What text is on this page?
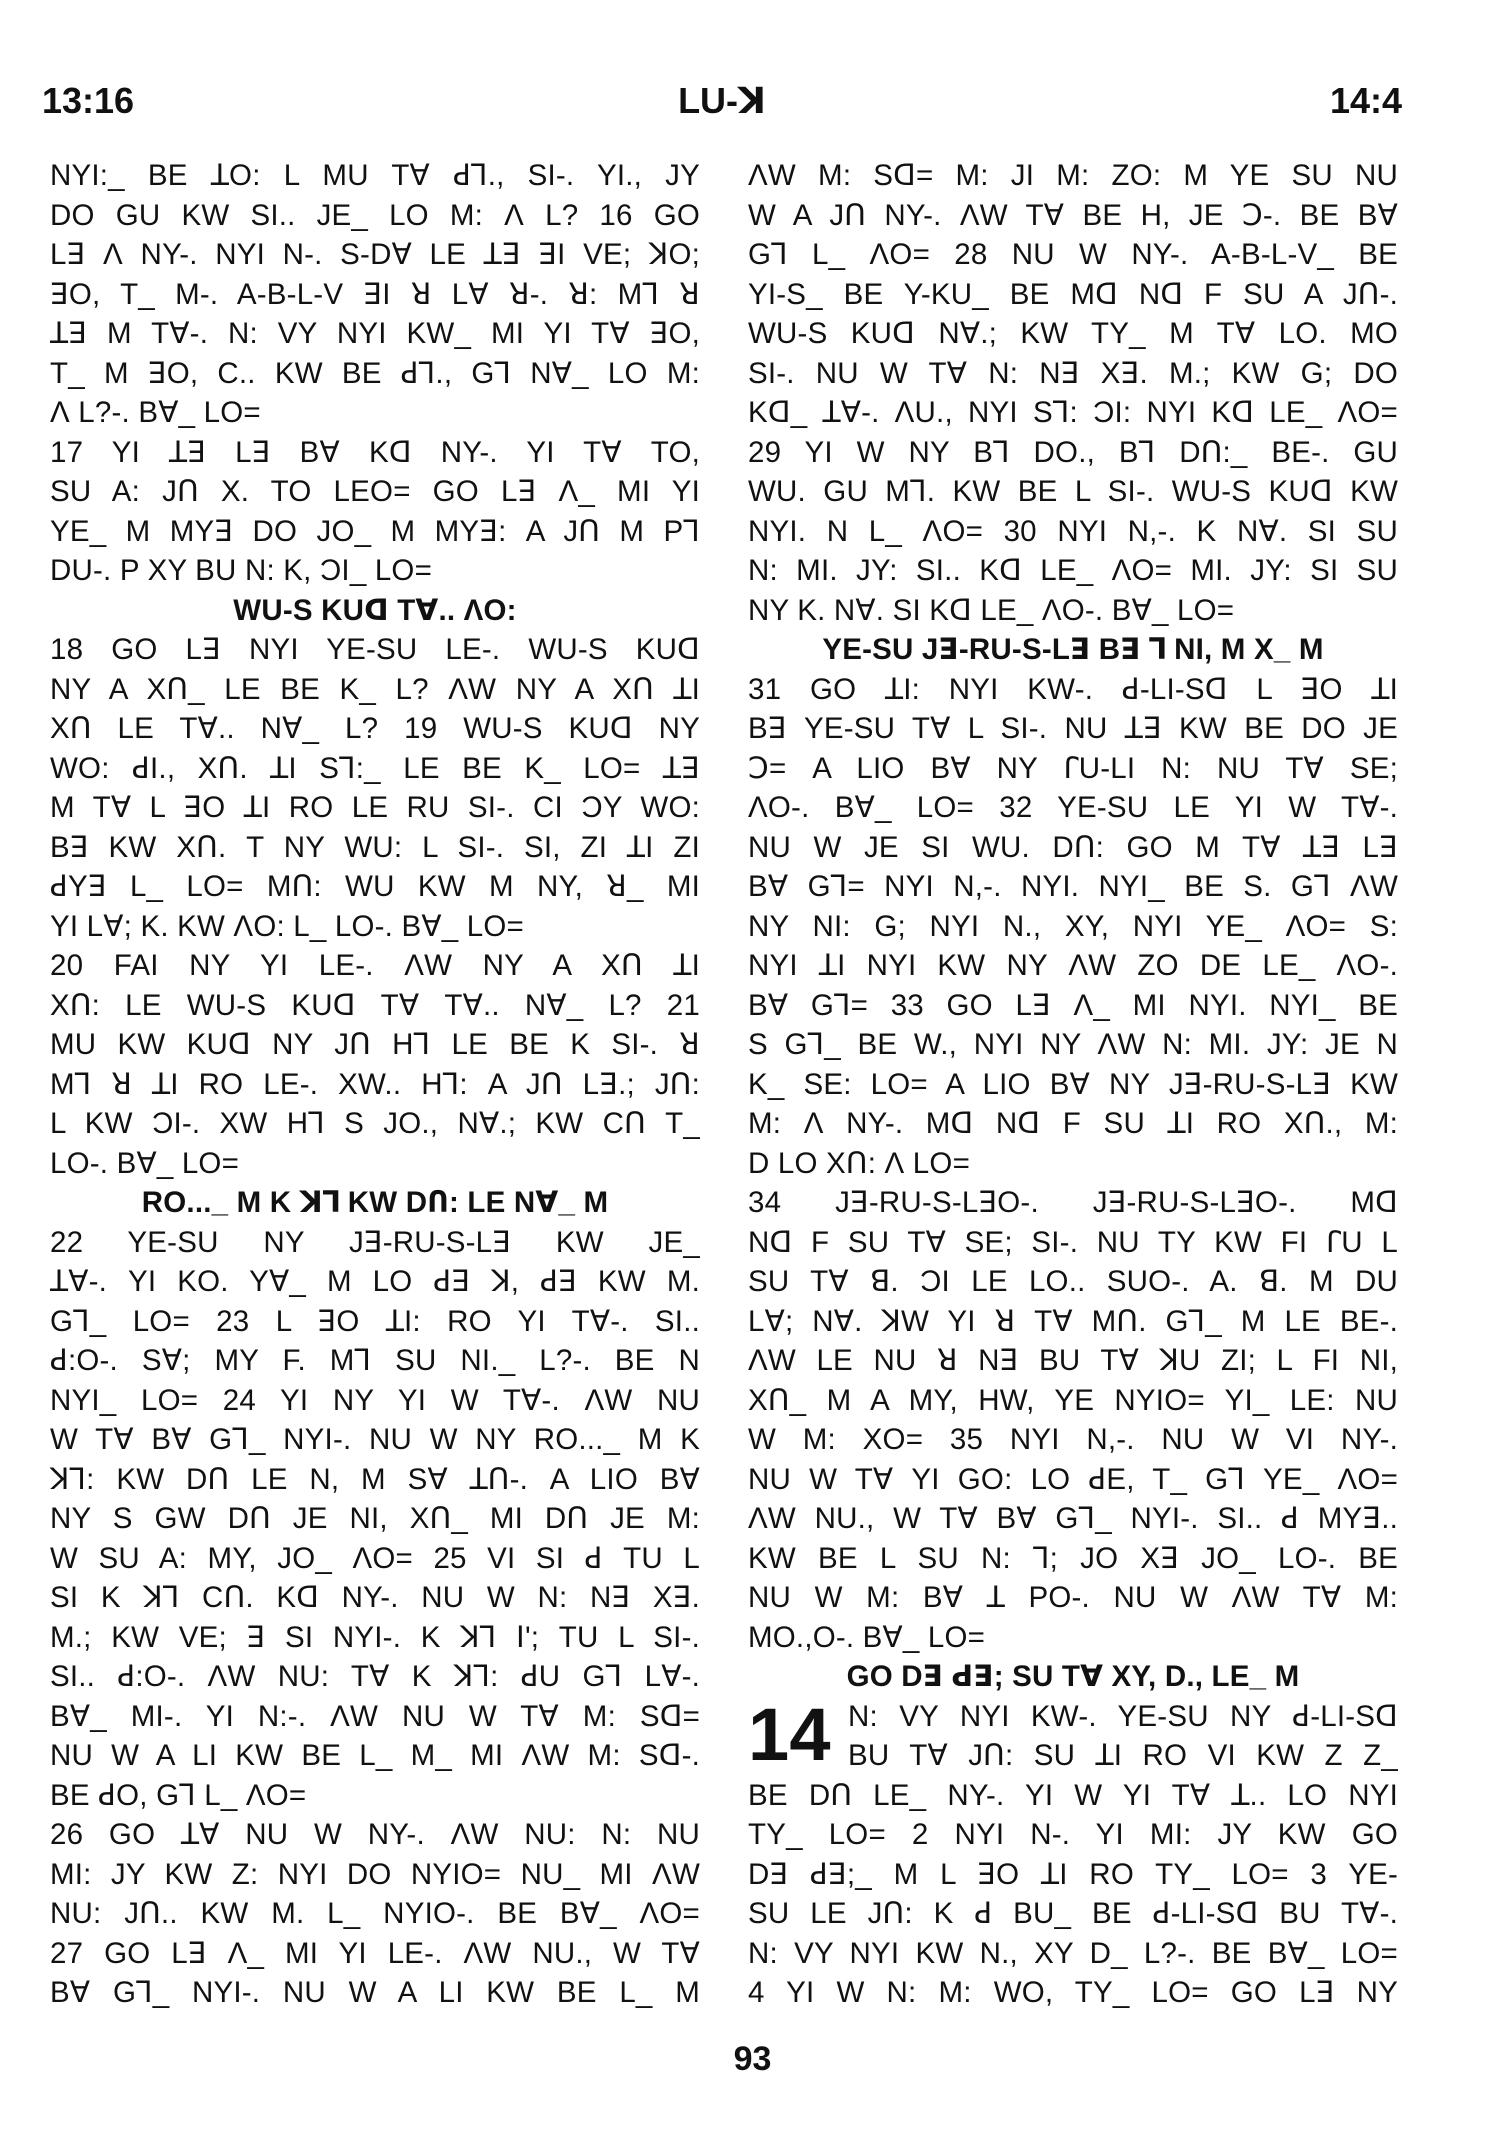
13:16	LU-ꓘ	14:4
NYI:_ BE ꓕO: L MU Tꓯ ꓒꓶ., SI-. YI., JY
DO GU KW SI.. JE_ LO M: Ʌ L? 16 GO
Lꓱ Ʌ NY-. NYI N-. S-Dꓯ LE ꓕꓱ ꓱI VE; ꓘO;
ꓱO, T_ M-. A-B-L-V ꓱI ꓤ Lꓯ ꓤ-. ꓤ: Mꓶ ꓤ
ꓕꓱ M Tꓯ-. N: VY NYI KW_ MI YI Tꓯ ꓱO,
T_ M ꓱO, C.. KW BE ꓒꓶ., Gꓶ Nꓯ_ LO M:
Ʌ L?-. Bꓯ_ LO=
17 YI ꓕꓱ Lꓱ Bꓯ Kꓷ NY-. YI Tꓯ TO,
SU A: JՈ X. TO LEO= GO Lꓱ Ʌ_ MI YI
YE_ M MYꓱ DO JO_ M MYꓱ: A JՈ M Pꓶ
DU-. P XY BU N: K, ƆI_ LO=
WU-S KUꓷ Tꓯ.. ɅO:
18 GO Lꓱ NYI YE-SU LE-. WU-S KUꓷ
NY A XՈ_ LE BE K_ L? ɅW NY A XՈ ꓕI
XՈ LE Tꓯ.. Nꓯ_ L? 19 WU-S KUꓷ NY
WO: ꓒI., XՈ. ꓕI Sꓶ:_ LE BE K_ LO= ꓕꓱ
M Tꓯ L ꓱO ꓕI RO LE RU SI-. CI ƆY WO:
Bꓱ KW XՈ. T NY WU: L SI-. SI, ZI ꓕI ZI
ꓒYꓱ L_ LO= MՈ: WU KW M NY, ꓤ_ MI
YI Lꓯ; K. KW ɅO: L_ LO-. Bꓯ_ LO=
20 FAI NY YI LE-. ɅW NY A XՈ ꓕI
XՈ: LE WU-S KUꓷ Tꓯ Tꓯ.. Nꓯ_ L? 21
MU KW KUꓷ NY JՈ Hꓶ LE BE K SI-. ꓤ
Mꓶ ꓤ ꓕI RO LE-. XW.. Hꓶ: A JՈ Lꓱ.; JՈ:
L KW ƆI-. XW Hꓶ S JO., Nꓯ.; KW CՈ T_
LO-. Bꓯ_ LO=
RO..._ M K ꓘꓶ KW DՈ: LE Nꓯ_ M
22 YE-SU NY Jꓱ-RU-S-Lꓱ KW JE_
ꓕꓯ-. YI KO. Yꓯ_ M LO ꓒꓱ ꓘ, ꓒꓱ KW M.
Gꓶ_ LO= 23 L ꓱO ꓕI: RO YI Tꓯ-. SI..
ꓒ:O-. Sꓯ; MY F. Mꓶ SU NI._ L?-. BE N
NYI_ LO= 24 YI NY YI W Tꓯ-. ɅW NU
W Tꓯ Bꓯ Gꓶ_ NYI-. NU W NY RO..._ M K
ꓘꓶ: KW DՈ LE N, M Sꓯ ꓕՈ-. A LIO Bꓯ
NY S GW DՈ JE NI, XՈ_ MI DՈ JE M:
W SU A: MY, JO_ ɅO= 25 VI SI ꓒ TU L
SI K ꓘꓶ CՈ. Kꓷ NY-. NU W N: Nꓱ Xꓱ.
M.; KW VE; ꓱ SI NYI-. K ꓘꓶ ꓲ'; TU L SI-.
SI.. ꓒ:O-. ɅW NU: Tꓯ K ꓘꓶ: ꓒU Gꓶ Lꓯ-.
Bꓯ_ MI-. YI N:-. ɅW NU W Tꓯ M: Sꓷ=
NU W A LI KW BE L_ M_ MI ɅW M: Sꓷ-.
BE ꓒO, Gꓶ L_ ɅO=
26 GO ꓕꓯ NU W NY-. ɅW NU: N: NU
MI: JY KW Z: NYI DO NYIO= NU_ MI ɅW
NU: JՈ.. KW M. L_ NYIO-. BE Bꓯ_ ɅO=
27 GO Lꓱ Ʌ_ MI YI LE-. ɅW NU., W Tꓯ
Bꓯ Gꓶ_ NYI-. NU W A LI KW BE L_ M
ɅW M: Sꓷ= M: JI M: ZO: M YE SU NU
W A JՈ NY-. ɅW Tꓯ BE H, JE ꓛ-. BE Bꓯ
Gꓶ L_ ɅO= 28 NU W NY-. A-B-L-V_ BE
YI-S_ BE Y-KU_ BE Mꓷ Nꓷ F SU A JՈ-.
WU-S KUꓷ Nꓯ.; KW TY_ M Tꓯ LO. MO
SI-. NU W Tꓯ N: Nꓱ Xꓱ. M.; KW G; DO
Kꓷ_ ꓕꓯ-. ɅU., NYI Sꓶ: ƆI: NYI Kꓷ LE_ ɅO=
29 YI W NY Bꓶ DO., Bꓶ DՈ:_ BE-. GU
WU. GU Mꓶ. KW BE L SI-. WU-S KUꓷ KW
NYI. N L_ ɅO= 30 NYI N,-. K Nꓯ. SI SU
N: MI. JY: SI.. Kꓷ LE_ ɅO= MI. JY: SI SU
NY K. Nꓯ. SI Kꓷ LE_ ɅO-. Bꓯ_ LO=
YE-SU Jꓱ-RU-S-Lꓱ Bꓱ ꓶ NI, M X_ M
31 GO ꓕI: NYI KW-. ꓒ-LI-Sꓷ L ꓱO ꓕI
Bꓱ YE-SU Tꓯ L SI-. NU ꓕꓱ KW BE DO JE
ꓛ= A LIO Bꓯ NY ꓩU-LI N: NU Tꓯ SE;
ɅO-. Bꓯ_ LO= 32 YE-SU LE YI W Tꓯ-.
NU W JE SI WU. DՈ: GO M Tꓯ ꓕꓱ Lꓱ
Bꓯ Gꓶ= NYI N,-. NYI. NYI_ BE S. Gꓶ ɅW
NY NI: G; NYI N., XY, NYI YE_ ɅO= S:
NYI ꓕI NYI KW NY ɅW ZO DE LE_ ɅO-.
Bꓯ Gꓶ= 33 GO Lꓱ Ʌ_ MI NYI. NYI_ BE
S Gꓶ_ BE W., NYI NY ɅW N: MI. JY: JE N
K_ SE: LO= A LIO Bꓯ NY Jꓱ-RU-S-Lꓱ KW
M: Ʌ NY-. Mꓷ Nꓷ F SU ꓕI RO XՈ., M:
D LO XՈ: Ʌ LO=
34 Jꓱ-RU-S-LꓱO-. Jꓱ-RU-S-LꓱO-. Mꓷ
Nꓷ F SU Tꓯ SE; SI-. NU TY KW FI ꓩU L
SU Tꓯ ꓭ. ƆI LE LO.. SUO-. A. ꓭ. M DU
Lꓯ; Nꓯ. ꓘW YI ꓤ Tꓯ MՈ. Gꓶ_ M LE BE-.
ɅW LE NU ꓤ Nꓱ BU Tꓯ ꓘU ZI; L FI NI,
XՈ_ M A MY, HW, YE NYIO= YI_ LE: NU
W M: XO= 35 NYI N,-. NU W VI NY-.
NU W Tꓯ YI GO: LO ꓒE, T_ Gꓶ YE_ ɅO=
ɅW NU., W Tꓯ Bꓯ Gꓶ_ NYI-. SI.. ꓒ MYꓱ..
KW BE L SU N: ꓶ; JO Xꓱ JO_ LO-. BE
NU W M: Bꓯ ꓕ PO-. NU W ɅW Tꓯ M:
MO.,O-. Bꓯ_ LO=
GO Dꓱ ꓒꓱ; SU Tꓯ XY, D., LE_ M
14 N: VY NYI KW-. YE-SU NY ꓒ-LI-Sꓷ
BU Tꓯ JՈ: SU ꓕI RO VI KW Z Z_
BE DՈ LE_ NY-. YI W YI Tꓯ ꓕ.. LO NYI
TY_ LO= 2 NYI N-. YI MI: JY KW GO
Dꓱ ꓒꓱ;_ M L ꓱO ꓕI RO TY_ LO= 3 YE-
SU LE JՈ: K ꓒ BU_ BE ꓒ-LI-Sꓷ BU Tꓯ-.
N: VY NYI KW N., XY D_ L?-. BE Bꓯ_ LO=
4 YI W N: M: WO, TY_ LO= GO Lꓱ NY
93
